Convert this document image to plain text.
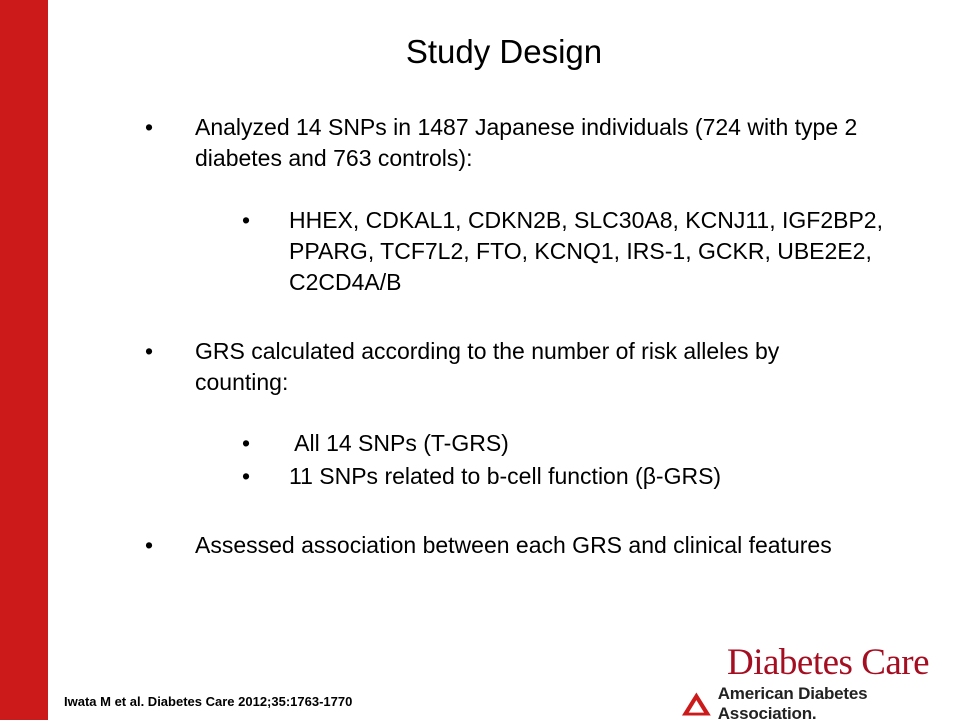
Study Design
• Analyzed 14 SNPs in 1487 Japanese individuals (724 with type 2 diabetes and 763 controls):
• HHEX, CDKAL1, CDKN2B, SLC30A8, KCNJ11, IGF2BP2, PPARG, TCF7L2, FTO, KCNQ1, IRS-1, GCKR, UBE2E2, C2CD4A/B
• GRS calculated according to the number of risk alleles by counting:
• All 14 SNPs (T-GRS)
• 11 SNPs related to b-cell function (β-GRS)
• Assessed association between each GRS and clinical features
Iwata M et al. Diabetes Care 2012;35:1763-1770
Diabetes Care
American Diabetes Association.
